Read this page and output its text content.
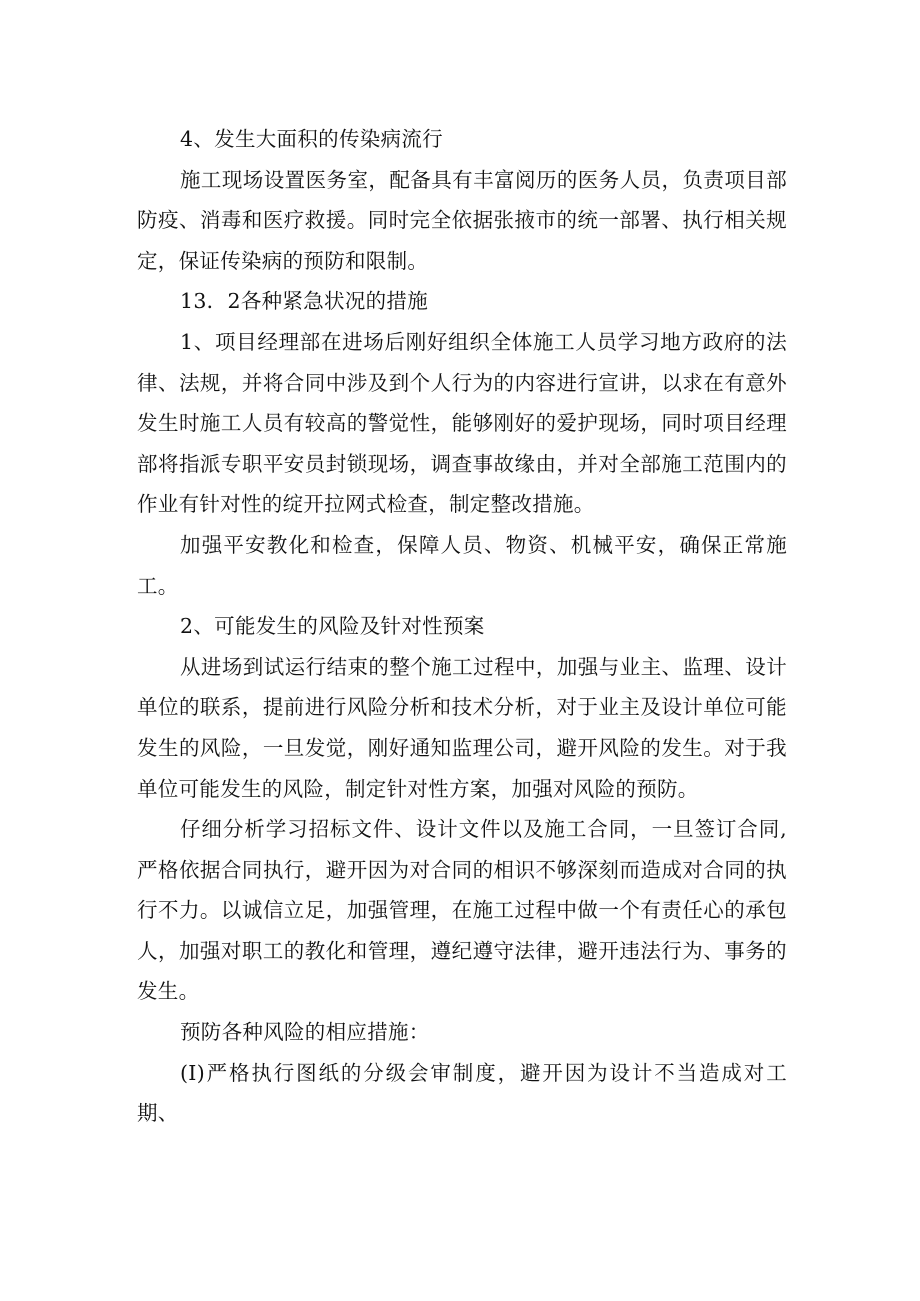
4、发生大面积的传染病流行

施工现场设置医务室，配备具有丰富阅历的医务人员，负责项目部防疫、消毒和医疗救援。同时完全依据张掖市的统一部署、执行相关规定，保证传染病的预防和限制。

13．2各种紧急状况的措施

1、项目经理部在进场后刚好组织全体施工人员学习地方政府的法律、法规，并将合同中涉及到个人行为的内容进行宣讲，以求在有意外发生时施工人员有较高的警觉性，能够刚好的爱护现场，同时项目经理部将指派专职平安员封锁现场，调查事故缘由，并对全部施工范围内的作业有针对性的绽开拉网式检查，制定整改措施。

加强平安教化和检查，保障人员、物资、机械平安，确保正常施工。

2、可能发生的风险及针对性预案

从进场到试运行结束的整个施工过程中，加强与业主、监理、设计单位的联系，提前进行风险分析和技术分析，对于业主及设计单位可能发生的风险，一旦发觉，刚好通知监理公司，避开风险的发生。对于我单位可能发生的风险，制定针对性方案，加强对风险的预防。

仔细分析学习招标文件、设计文件以及施工合同，一旦签订合同,严格依据合同执行，避开因为对合同的相识不够深刻而造成对合同的执行不力。以诚信立足，加强管理，在施工过程中做一个有责任心的承包人，加强对职工的教化和管理，遵纪遵守法律，避开违法行为、事务的发生。

预防各种风险的相应措施：

(I)严格执行图纸的分级会审制度，避开因为设计不当造成对工期、
